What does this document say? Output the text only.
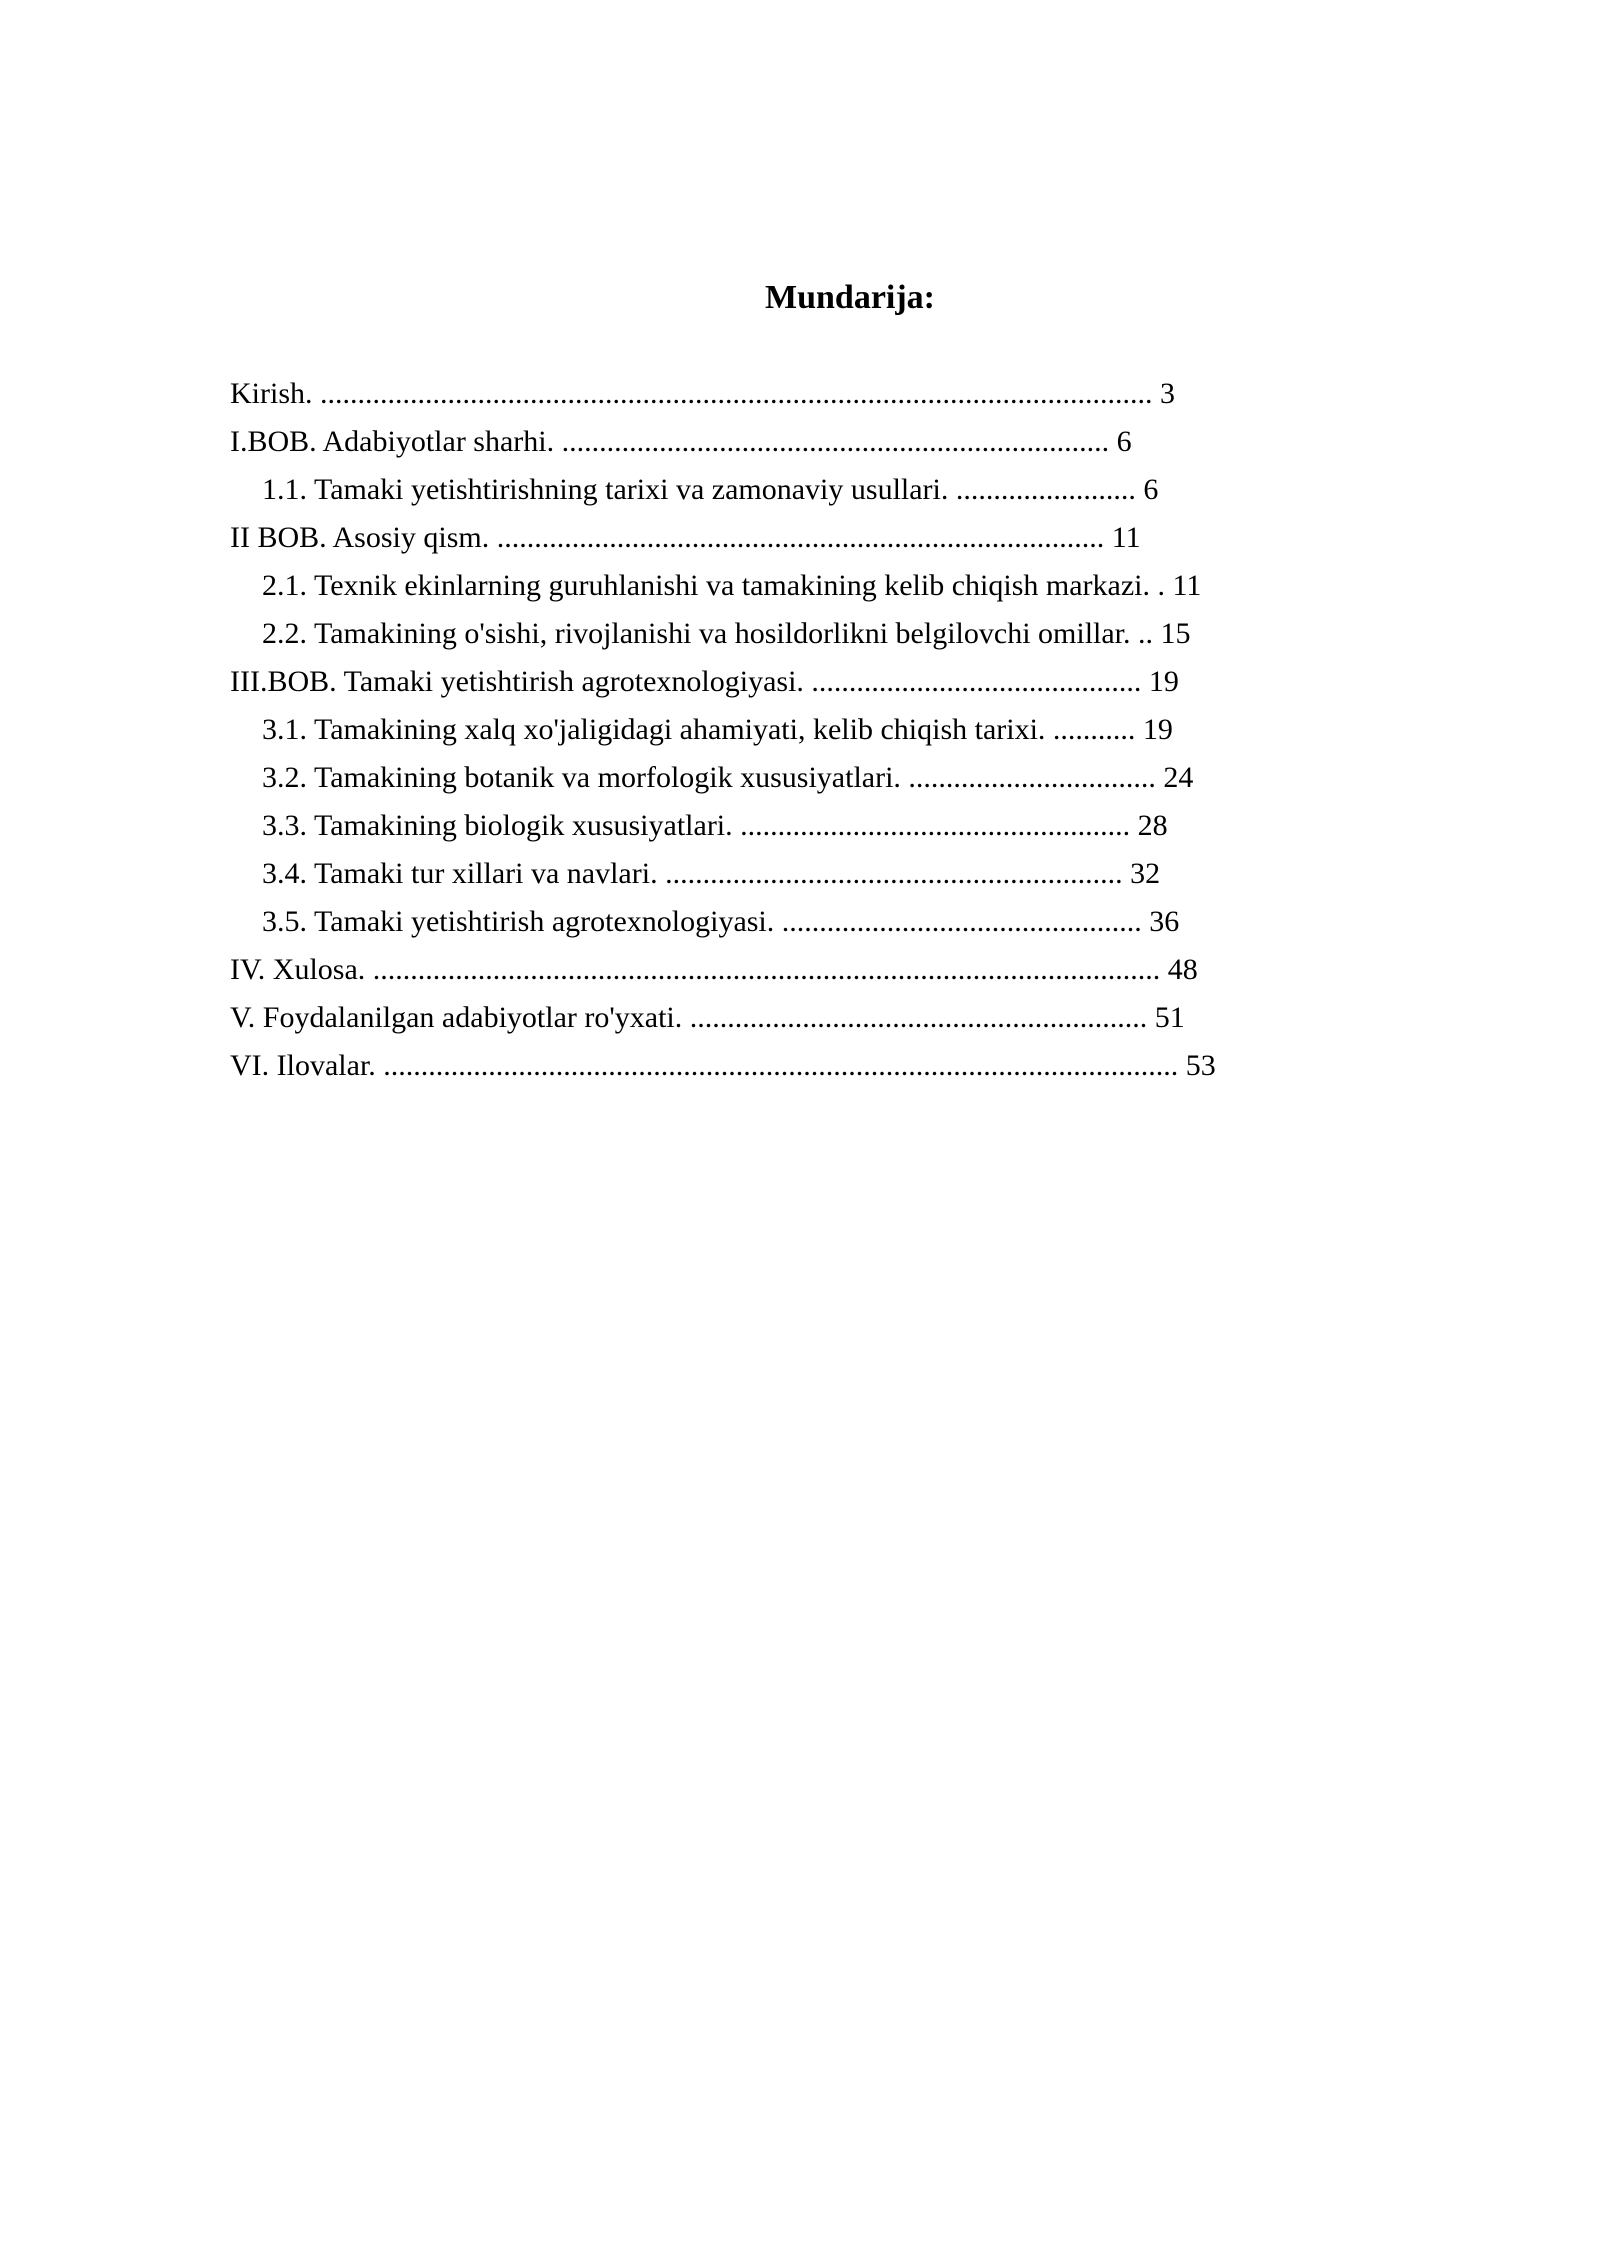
Mundarija:
Kirish. ............................................................................................................... 3
I.BOB. Adabiyotlar sharhi. ......................................................................... 6
1.1. Tamaki yetishtirishning tarixi va zamonaviy usullari. ........................ 6
II BOB. Asosiy qism. ................................................................................. 11
2.1. Texnik ekinlarning guruhlanishi va tamakining kelib chiqish markazi. . 11
2.2. Tamakining o'sishi, rivojlanishi va hosildorlikni belgilovchi omillar. .. 15
III.BOB. Tamaki yetishtirish agrotexnologiyasi. ............................................ 19
3.1. Tamakining xalq xo'jaligidagi ahamiyati, kelib chiqish tarixi. ........... 19
3.2. Tamakining botanik va morfologik xususiyatlari. ................................. 24
3.3. Tamakining biologik xususiyatlari. .................................................... 28
3.4. Tamaki tur xillari va navlari. ............................................................. 32
3.5. Tamaki yetishtirish agrotexnologiyasi. ................................................ 36
IV. Xulosa. ......................................................................................................... 48
V. Foydalanilgan adabiyotlar ro'yxati. ............................................................. 51
VI. Ilovalar. .......................................................................................................... 53
